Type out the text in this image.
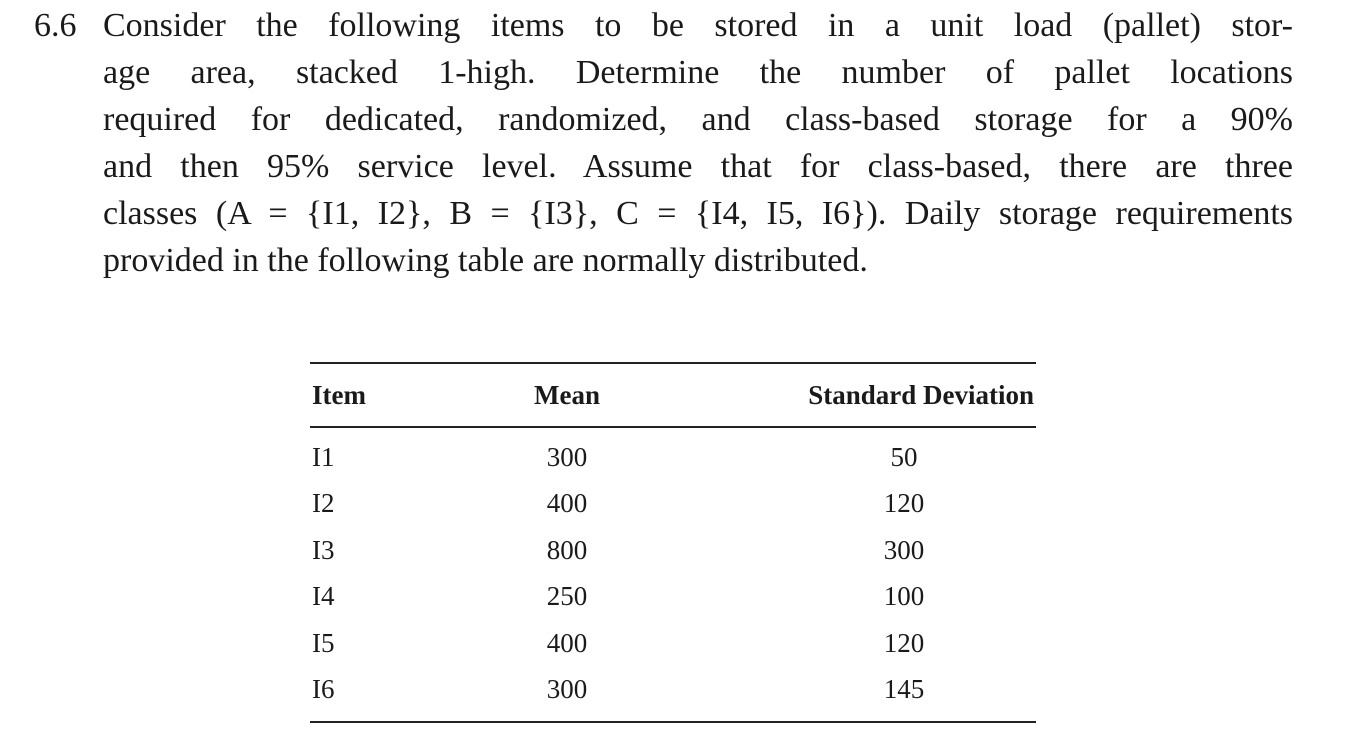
6.6 Consider the following items to be stored in a unit load (pallet) stor-
age area, stacked 1-high. Determine the number of pallet locations
required for dedicated, randomized, and class-based storage for a 90%
and then 95% service level. Assume that for class-based, there are three
classes (A = {I1, I2}, B = {I3}, C = {I4, I5, I6}). Daily storage requirements
provided in the following table are normally distributed.
Item	Mean	Standard Deviation
I1	300	50
I2	400	120
I3	800	300
I4	250	100
I5	400	120
I6	300	145
